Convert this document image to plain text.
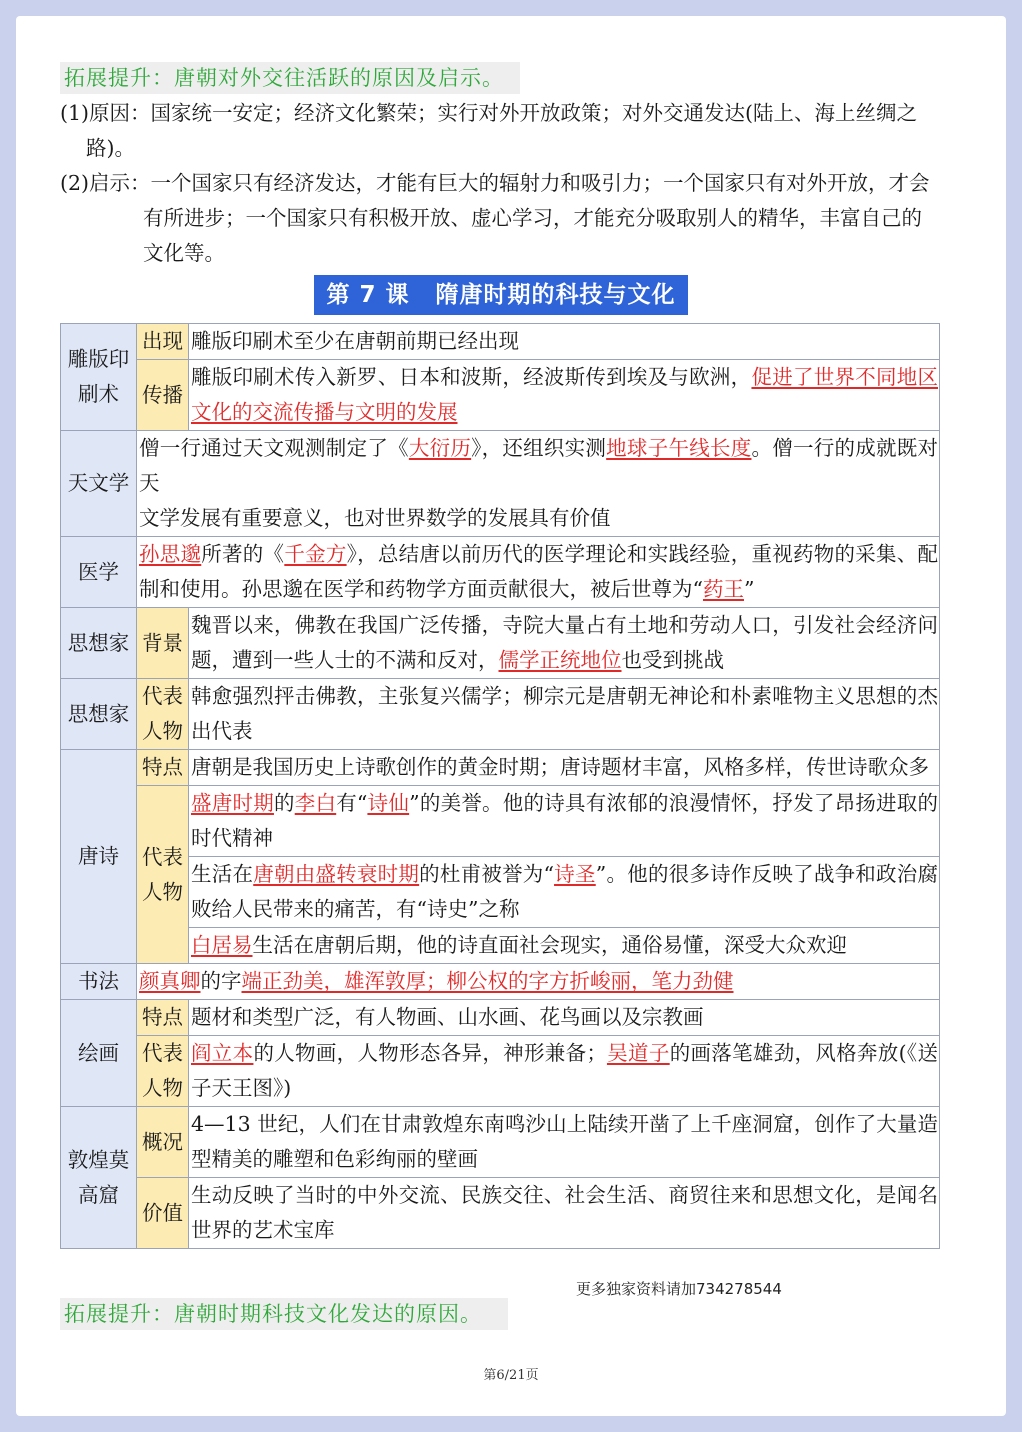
拓展提升：唐朝对外交往活跃的原因及启示。

(1)原因：国家统一安定；经济文化繁荣；实行对外开放政策；对外交通发达(陆上、海上丝绸之路)。

(2)启示：一个国家只有经济发达，才能有巨大的辐射力和吸引力；一个国家只有对外开放，才会有所进步；一个国家只有积极开放、虚心学习，才能充分吸取别人的精华，丰富自己的文化等。

第 7 课 隋唐时期的科技与文化
雕版印刷术	出现	雕版印刷术至少在唐朝前期已经出现
	传播	雕版印刷术传入新罗、日本和波斯，经波斯传到埃及与欧洲，促进了世界不同地区文化的交流传播与文明的发展
天文学	僧一行通过天文观测制定了《大衍历》，还组织实测地球子午线长度。僧一行的成就既对天
文学发展有重要意义，也对世界数学的发展具有价值	
医学	孙思邈所著的《千金方》，总结唐以前历代的医学理论和实践经验，重视药物的采集、配制和使用。孙思邈在医学和药物学方面贡献很大，被后世尊为“药王”	
思想家	背景	魏晋以来，佛教在我国广泛传播，寺院大量占有土地和劳动人口，引发社会经济问题，遭到一些人士的不满和反对，儒学正统地位也受到挑战
思想家	代表人物	韩愈强烈抨击佛教，主张复兴儒学；柳宗元是唐朝无神论和朴素唯物主义思想的杰出代表
唐诗	特点	唐朝是我国历史上诗歌创作的黄金时期；唐诗题材丰富，风格多样，传世诗歌众多
	代表人物	盛唐时期的李白有“诗仙”的美誉。他的诗具有浓郁的浪漫情怀，抒发了昂扬进取的时代精神
		生活在唐朝由盛转衰时期的杜甫被誉为“诗圣”。他的很多诗作反映了战争和政治腐败给人民带来的痛苦，有“诗史”之称
		白居易生活在唐朝后期，他的诗直面社会现实，通俗易懂，深受大众欢迎
书法	颜真卿的字端正劲美，雄浑敦厚；柳公权的字方折峻丽，笔力劲健	
绘画	特点	题材和类型广泛，有人物画、山水画、花鸟画以及宗教画
	代表人物	阎立本的人物画，人物形态各异，神形兼备；吴道子的画落笔雄劲，风格奔放(《送子天王图》)
敦煌莫高窟	概况	4—13 世纪，人们在甘肃敦煌东南鸣沙山上陆续开凿了上千座洞窟，创作了大量造型精美的雕塑和色彩绚丽的壁画
	价值	生动反映了当时的中外交流、民族交往、社会生活、商贸往来和思想文化，是闻名世界的艺术宝库
更多独家资料请加734278544
拓展提升：唐朝时期科技文化发达的原因。
第6/21页
